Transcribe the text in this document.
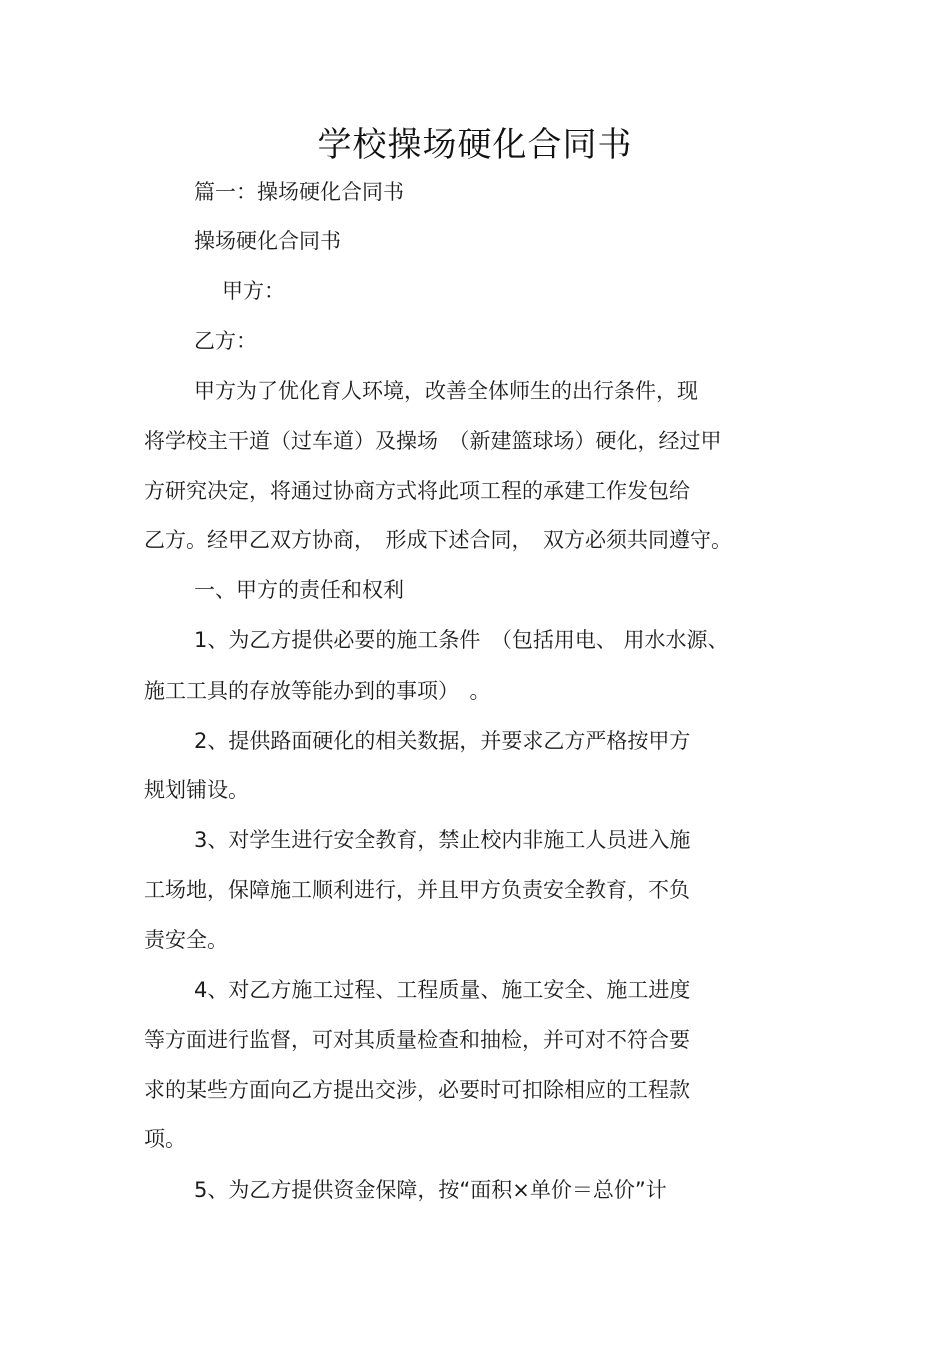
学校操场硬化合同书
篇一：操场硬化合同书
操场硬化合同书
甲方：
乙方：
甲方为了优化育人环境，改善全体师生的出行条件，现
将学校主干道（过车道）及操场　（新建篮球场）硬化，经过甲
方研究决定，将通过协商方式将此项工程的承建工作发包给
乙方。经甲乙双方协商，　形成下述合同，　双方必须共同遵守。
一、甲方的责任和权利
1、为乙方提供必要的施工条件　（包括用电、 用水水源、
施工工具的存放等能办到的事项）　。
2、提供路面硬化的相关数据，并要求乙方严格按甲方
规划铺设。
3、对学生进行安全教育，禁止校内非施工人员进入施
工场地，保障施工顺利进行，并且甲方负责安全教育，不负
责安全。
4、对乙方施工过程、工程质量、施工安全、施工进度
等方面进行监督，可对其质量检查和抽检，并可对不符合要
求的某些方面向乙方提出交涉，必要时可扣除相应的工程款
项。
5、为乙方提供资金保障，按“面积×单价＝总价”计
